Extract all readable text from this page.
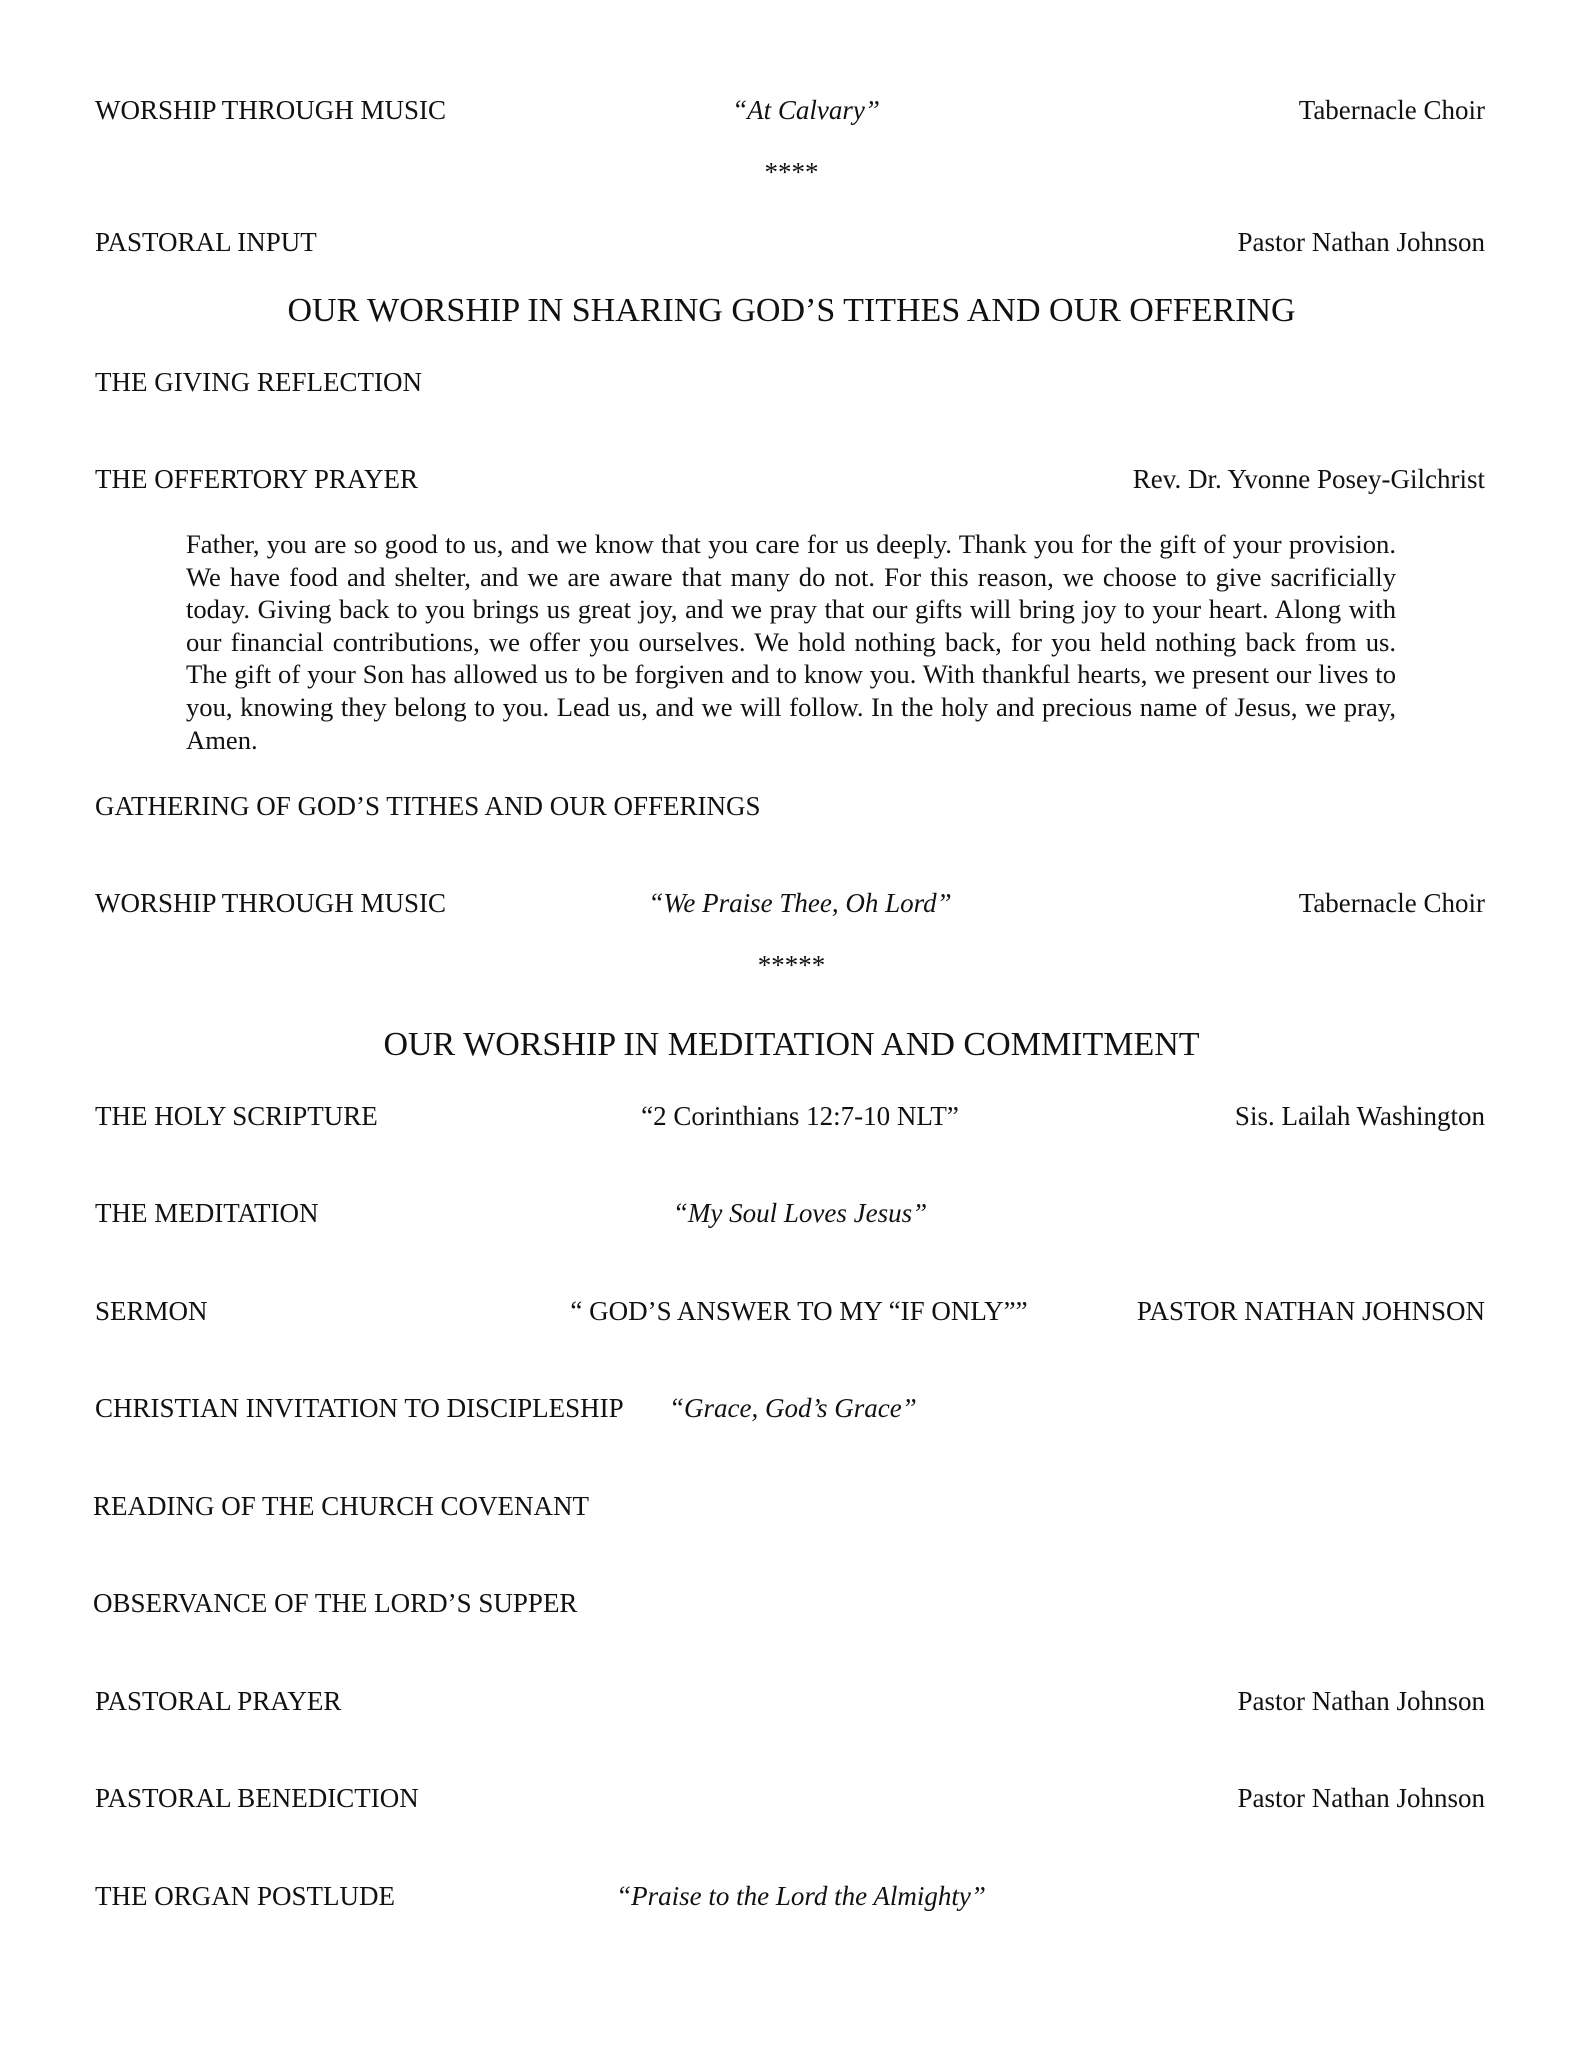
WORSHIP THROUGH MUSIC	“At Calvary”	Tabernacle Choir
****
PASTORAL INPUT	Pastor Nathan Johnson
OUR WORSHIP IN SHARING GOD’S TITHES AND OUR OFFERING
THE GIVING REFLECTION
THE OFFERTORY PRAYER	Rev. Dr. Yvonne Posey-Gilchrist
Father, you are so good to us, and we know that you care for us deeply. Thank you for the gift of your provision. We have food and shelter, and we are aware that many do not. For this reason, we choose to give sacrificially today. Giving back to you brings us great joy, and we pray that our gifts will bring joy to your heart. Along with our financial contributions, we offer you ourselves. We hold nothing back, for you held nothing back from us. The gift of your Son has allowed us to be forgiven and to know you. With thankful hearts, we present our lives to you, knowing they belong to you. Lead us, and we will follow. In the holy and precious name of Jesus, we pray, Amen.
GATHERING OF GOD’S TITHES AND OUR OFFERINGS
WORSHIP THROUGH MUSIC	“We Praise Thee, Oh Lord”	Tabernacle Choir
*****
OUR WORSHIP IN MEDITATION AND COMMITMENT
THE HOLY SCRIPTURE	“2 Corinthians 12:7-10 NLT”	Sis. Lailah Washington
THE MEDITATION	“My Soul Loves Jesus”
SERMON	“ GOD’S ANSWER TO MY “IF ONLY””	PASTOR NATHAN JOHNSON
CHRISTIAN INVITATION TO DISCIPLESHIP “Grace, God’s Grace”
READING OF THE CHURCH COVENANT
OBSERVANCE OF THE LORD’S SUPPER
PASTORAL PRAYER	Pastor Nathan Johnson
PASTORAL BENEDICTION	Pastor Nathan Johnson
THE ORGAN POSTLUDE	“Praise to the Lord the Almighty”
